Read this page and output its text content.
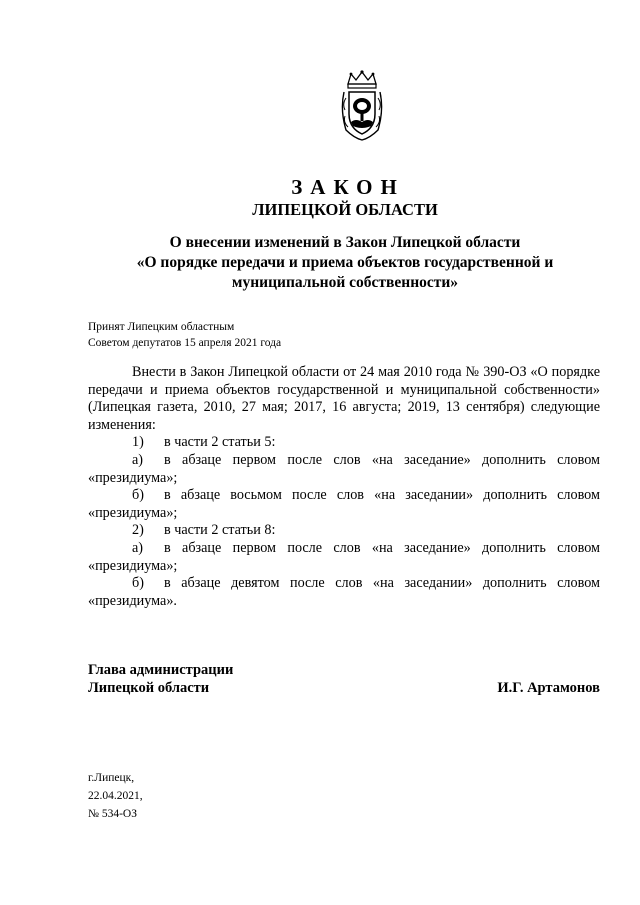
ЗАКОН
ЛИПЕЦКОЙ ОБЛАСТИ
О внесении изменений в Закон Липецкой области
«О порядке передачи и приема объектов государственной и
муниципальной собственности»
Принят Липецким областным
Советом депутатов 15 апреля 2021 года

Внести в Закон Липецкой области от 24 мая 2010 года № 390-ОЗ «О порядке передачи и приема объектов государственной и муниципальной собственности» (Липецкая газета, 2010, 27 мая; 2017, 16 августа; 2019, 13 сентября) следующие изменения:

1) в части 2 статьи 5:

а) в абзаце первом после слов «на заседание» дополнить словом «президиума»;

б) в абзаце восьмом после слов «на заседании» дополнить словом «президиума»;

2) в части 2 статьи 8:

а) в абзаце первом после слов «на заседание» дополнить словом «президиума»;

б) в абзаце девятом после слов «на заседании» дополнить словом «президиума».

Глава администрации
Липецкой области	И.Г. Артамонов
г.Липецк,
22.04.2021,
№ 534-ОЗ
